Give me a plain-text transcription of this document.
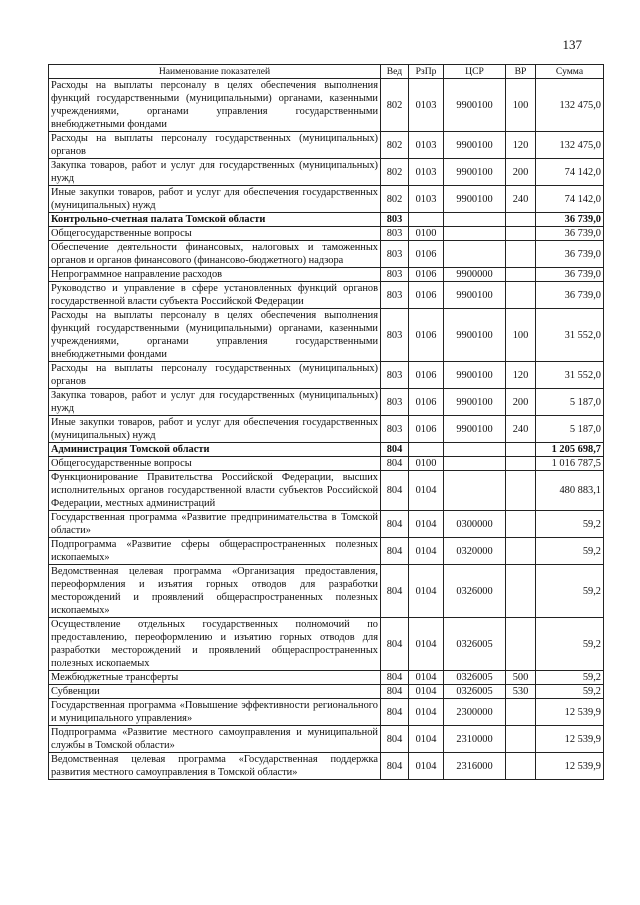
137
Наименование показателей	Вед	РзПр	ЦСР	ВР	Сумма
Расходы на выплаты персоналу в целях обеспечения выполнения функций государственными (муниципальными) органами, казенными учреждениями, органами управления государственными внебюджетными фондами	802	0103	9900100	100	132 475,0
Расходы на выплаты персоналу государственных (муниципальных) органов	802	0103	9900100	120	132 475,0
Закупка товаров, работ и услуг для государственных (муниципальных) нужд	802	0103	9900100	200	74 142,0
Иные закупки товаров, работ и услуг для обеспечения государственных (муниципальных) нужд	802	0103	9900100	240	74 142,0
Контрольно-счетная палата Томской области	803				36 739,0
Общегосударственные вопросы	803	0100			36 739,0
Обеспечение деятельности финансовых, налоговых и таможенных органов и органов финансового (финансово-бюджетного) надзора	803	0106			36 739,0
Непрограммное направление расходов	803	0106	9900000		36 739,0
Руководство и управление в сфере установленных функций органов государственной власти субъекта Российской Федерации	803	0106	9900100		36 739,0
Расходы на выплаты персоналу в целях обеспечения выполнения функций государственными (муниципальными) органами, казенными учреждениями, органами управления государственными внебюджетными фондами	803	0106	9900100	100	31 552,0
Расходы на выплаты персоналу государственных (муниципальных) органов	803	0106	9900100	120	31 552,0
Закупка товаров, работ и услуг для государственных (муниципальных) нужд	803	0106	9900100	200	5 187,0
Иные закупки товаров, работ и услуг для обеспечения государственных (муниципальных) нужд	803	0106	9900100	240	5 187,0
Администрация Томской области	804				1 205 698,7
Общегосударственные вопросы	804	0100			1 016 787,5
Функционирование Правительства Российской Федерации, высших исполнительных органов государственной власти субъектов Российской Федерации, местных администраций	804	0104			480 883,1
Государственная программа «Развитие предпринимательства в Томской области»	804	0104	0300000		59,2
Подпрограмма «Развитие сферы общераспространенных полезных ископаемых»	804	0104	0320000		59,2
Ведомственная целевая программа «Организация предоставления, переоформления и изъятия горных отводов для разработки месторождений и проявлений общераспространенных полезных ископаемых»	804	0104	0326000		59,2
Осуществление отдельных государственных полномочий по предоставлению, переоформлению и изъятию горных отводов для разработки месторождений и проявлений общераспространенных полезных ископаемых	804	0104	0326005		59,2
Межбюджетные трансферты	804	0104	0326005	500	59,2
Субвенции	804	0104	0326005	530	59,2
Государственная программа «Повышение эффективности регионального и муниципального управления»	804	0104	2300000		12 539,9
Подпрограмма «Развитие местного самоуправления и муниципальной службы в Томской области»	804	0104	2310000		12 539,9
Ведомственная целевая программа «Государственная поддержка развития местного самоуправления в Томской области»	804	0104	2316000		12 539,9
